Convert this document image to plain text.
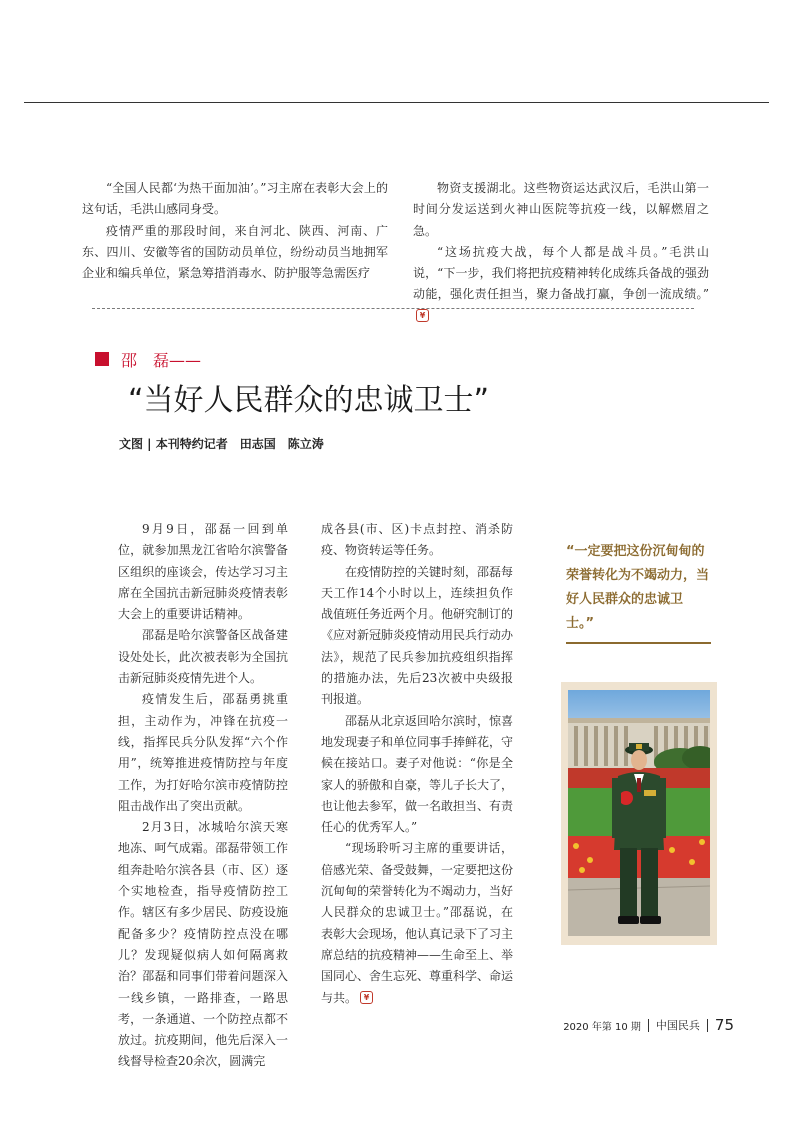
“全国人民都‘为热干面加油’。”习主席在表彰大会上的这句话，毛洪山感同身受。

疫情严重的那段时间，来自河北、陕西、河南、广东、四川、安徽等省的国防动员单位，纷纷动员当地拥军企业和编兵单位，紧急筹措消毒水、防护服等急需医疗

物资支援湖北。这些物资运达武汉后，毛洪山第一时间分发运送到火神山医院等抗疫一线，以解燃眉之急。

“这场抗疫大战，每个人都是战斗员。”毛洪山说，“下一步，我们将把抗疫精神转化成练兵备战的强劲动能，强化责任担当，聚力备战打赢，争创一流成绩。”¥

邵　磊——
“当好人民群众的忠诚卫士”
文图 | 本刊特约记者　田志国　陈立涛

9月9日，邵磊一回到单位，就参加黑龙江省哈尔滨警备区组织的座谈会，传达学习习主席在全国抗击新冠肺炎疫情表彰大会上的重要讲话精神。

邵磊是哈尔滨警备区战备建设处处长，此次被表彰为全国抗击新冠肺炎疫情先进个人。

疫情发生后，邵磊勇挑重担，主动作为，冲锋在抗疫一线，指挥民兵分队发挥“六个作用”，统筹推进疫情防控与年度工作，为打好哈尔滨市疫情防控阻击战作出了突出贡献。

2月3日，冰城哈尔滨天寒地冻、呵气成霜。邵磊带领工作组奔赴哈尔滨各县（市、区）逐个实地检查，指导疫情防控工作。辖区有多少居民、防疫设施配备多少？疫情防控点没在哪儿？发现疑似病人如何隔离救治？邵磊和同事们带着问题深入一线乡镇，一路排查，一路思考，一条通道、一个防控点都不放过。抗疫期间，他先后深入一线督导检查20余次，圆满完

成各县(市、区)卡点封控、消杀防疫、物资转运等任务。

在疫情防控的关键时刻，邵磊每天工作14个小时以上，连续担负作战值班任务近两个月。他研究制订的《应对新冠肺炎疫情动用民兵行动办法》，规范了民兵参加抗疫组织指挥的措施办法，先后23次被中央级报刊报道。

邵磊从北京返回哈尔滨时，惊喜地发现妻子和单位同事手捧鲜花，守候在接站口。妻子对他说：“你是全家人的骄傲和自豪，等儿子长大了，也让他去参军，做一名敢担当、有责任心的优秀军人。”

“现场聆听习主席的重要讲话，倍感光荣、备受鼓舞，一定要把这份沉甸甸的荣誉转化为不竭动力，当好人民群众的忠诚卫士。”邵磊说，在表彰大会现场，他认真记录下了习主席总结的抗疫精神——生命至上、举国同心、舍生忘死、尊重科学、命运与共。 ¥

“一定要把这份沉甸甸的荣誉转化为不竭动力，当好人民群众的忠诚卫士。”

2020 年第 10 期 中国民兵 75
